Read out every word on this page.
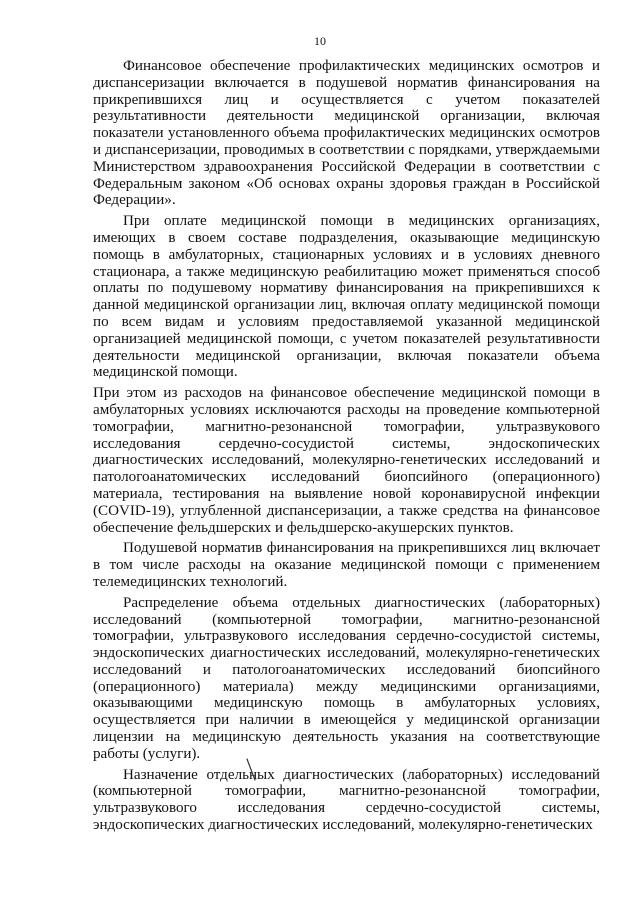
10

Финансовое обеспечение профилактических медицинских осмотров и диспансеризации включается в подушевой норматив финансирования на прикрепившихся лиц и осуществляется с учетом показателей результативности деятельности медицинской организации, включая показатели установленного объема профилактических медицинских осмотров и диспансеризации, проводимых в соответствии с порядками, утверждаемыми Министерством здравоохранения Российской Федерации в соответствии с Федеральным законом «Об основах охраны здоровья граждан в Российской Федерации».

При оплате медицинской помощи в медицинских организациях, имеющих в своем составе подразделения, оказывающие медицинскую помощь в амбулаторных, стационарных условиях и в условиях дневного стационара, а также медицинскую реабилитацию может применяться способ оплаты по подушевому нормативу финансирования на прикрепившихся к данной медицинской организации лиц, включая оплату медицинской помощи по всем видам и условиям предоставляемой указанной медицинской организацией медицинской помощи, с учетом показателей результативности деятельности медицинской организации, включая показатели объема медицинской помощи.

При этом из расходов на финансовое обеспечение медицинской помощи в амбулаторных условиях исключаются расходы на проведение компьютерной томографии, магнитно-резонансной томографии, ультразвукового исследования сердечно-сосудистой системы, эндоскопических диагностических исследований, молекулярно-генетических исследований и патологоанатомических исследований биопсийного (операционного) материала, тестирования на выявление новой коронавирусной инфекции (COVID-19), углубленной диспансеризации, а также средства на финансовое обеспечение фельдшерских и фельдшерско-акушерских пунктов.

Подушевой норматив финансирования на прикрепившихся лиц включает в том числе расходы на оказание медицинской помощи с применением телемедицинских технологий.

Распределение объема отдельных диагностических (лабораторных) исследований (компьютерной томографии, магнитно-резонансной томографии, ультразвукового исследования сердечно-сосудистой системы, эндоскопических диагностических исследований, молекулярно-генетических исследований и патологоанатомических исследований биопсийного (операционного) материала) между медицинскими организациями, оказывающими медицинскую помощь в амбулаторных условиях, осуществляется при наличии в имеющейся у медицинской организации лицензии на медицинскую деятельность указания на соответствующие работы (услуги).

Назначение отдельных диагностических (лабораторных) исследований (компьютерной томографии, магнитно-резонансной томографии, ультразвукового исследования сердечно-сосудистой системы, эндоскопических диагностических исследований, молекулярно-генетических
